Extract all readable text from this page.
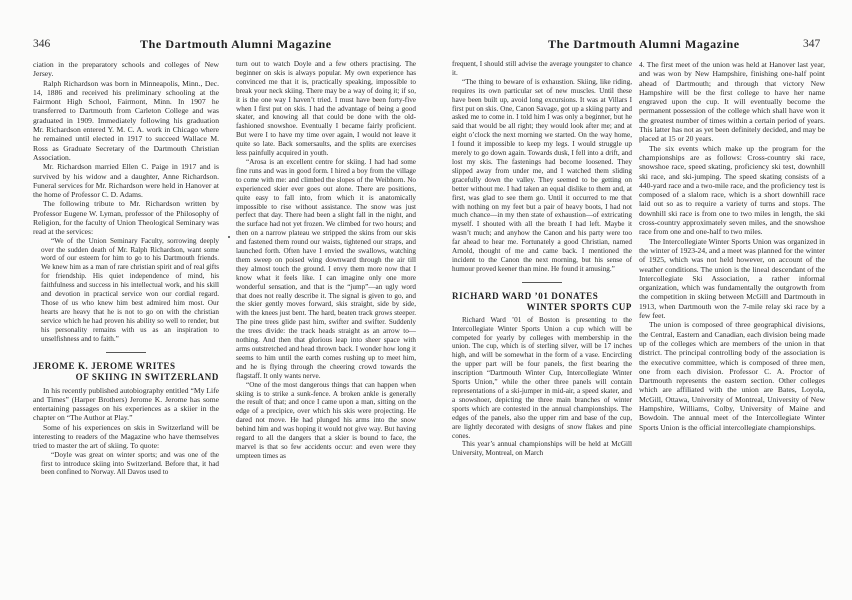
346	The Dartmouth Alumni Magazine

ciation in the preparatory schools and colleges of New Jersey.

Ralph Richardson was born in Minneapolis, Minn., Dec. 14, 1886 and received his preliminary schooling at the Fairmont High School, Fairmont, Minn. In 1907 he transferred to Dartmouth from Carleton College and was graduated in 1909. Immediately following his graduation Mr. Richardson entered Y. M. C. A. work in Chicago where he remained until elected in 1917 to succeed Wallace M. Ross as Graduate Secretary of the Dartmouth Christian Association.

Mr. Richardson married Ellen C. Paige in 1917 and is survived by his widow and a daughter, Anne Richardson. Funeral services for Mr. Richardson were held in Hanover at the home of Professor C. D. Adams.

The following tribute to Mr. Richardson written by Professor Eugene W. Lyman, professor of the Philosophy of Religion, for the faculty of Union Theological Seminary was read at the services:

“We of the Union Seminary Faculty, sorrowing deeply over the sudden death of Mr. Ralph Richardson, want some word of our esteem for him to go to his Dartmouth friends. We knew him as a man of rare christian spirit and of real gifts for friendship. His quiet independence of mind, his faithfulness and success in his intellectual work, and his skill and devotion in practical service won our cordial regard. Those of us who knew him best admired him most. Our hearts are heavy that he is not to go on with the christian service which he had proven his ability so well to render, but his personality remains with us as an inspiration to unselfishness and to faith.”

JEROME K. JEROME WRITES
OF SKIING IN SWITZERLAND

In his recently published autobiography entitled “My Life and Times” (Harper Brothers) Jerome K. Jerome has some entertaining passages on his experiences as a skiier in the chapter on “The Author at Play.”

Some of his experiences on skis in Switzerland will be interesting to readers of the Magazine who have themselves tried to master the art of skiing. To quote:

“Doyle was great on winter sports; and was one of the first to introduce skiing into Switzerland. Before that, it had been confined to Norway. All Davos used to

turn out to watch Doyle and a few others practising. The beginner on skis is always popular. My own experience has convinced me that it is, practically speaking, impossible to break your neck skiing. There may be a way of doing it; if so, it is the one way I haven’t tried. I must have been forty-five when I first put on skis. I had the advantage of being a good skater, and knowing all that could be done with the old-fashioned snowshoe. Eventually I became fairly proficient. But were I to have my time over again, I would not leave it quite so late. Back somersaults, and the splits are exercises less painfully acquired in youth.

“Arosa is an excellent centre for skiing. I had had some fine runs and was in good form. I hired a boy from the village to come with me: and climbed the slopes of the Weibhorn. No experienced skier ever goes out alone. There are positions, quite easy to fall into, from which it is anatomically impossible to rise without assistance. The snow was just perfect that day. There had been a slight fall in the night, and the surface had not yet frozen. We climbed for two hours; and then on a narrow plateau we stripped the skins from our skis and fastened them round our waists, tightened our straps, and launched forth. Often have I envied the swallows, watching them sweep on poised wing downward through the air till they almost touch the ground. I envy them more now that I know what it feels like. I can imagine only one more wonderful sensation, and that is the “jump”—an ugly word that does not really describe it. The signal is given to go, and the skier gently moves forward, skis straight, side by side, with the knees just bent. The hard, beaten track grows steeper. The pine trees glide past him, swifter and swifter. Suddenly the trees divide: the track heads straight as an arrow to—nothing. And then that glorious leap into sheer space with arms outstretched and head thrown back. I wonder how long it seems to him until the earth comes rushing up to meet him, and he is flying through the cheering crowd towards the flagstaff. It only wants nerve.

“One of the most dangerous things that can happen when skiing is to strike a sunk-fence. A broken ankle is generally the result of that; and once I came upon a man, sitting on the edge of a precipice, over which his skis were projecting. He dared not move. He had plunged his arms into the snow behind him and was hoping it would not give way. But having regard to all the dangers that a skier is bound to face, the marvel is that so few accidents occur: and even were they umpteen times as

The Dartmouth Alumni Magazine	347

frequent, I should still advise the average youngster to chance it.

“The thing to beware of is exhaustion. Skiing, like riding, requires its own particular set of new muscles. Until these have been built up, avoid long excursions. It was at Villars I first put on skis. One, Canon Savage, got up a skiing party and asked me to come in. I told him I was only a beginner, but he said that would be all right; they would look after me; and at eight o’clock the next morning we started. On the way home, I found it impossible to keep my legs. I would struggle up merely to go down again. Towards dusk, I fell into a drift, and lost my skis. The fastenings had become loosened. They slipped away from under me, and I watched them sliding gracefully down the valley. They seemed to be getting on better without me. I had taken an equal dislike to them and, at first, was glad to see them go. Until it occurred to me that with nothing on my feet but a pair of heavy boots, I had not much chance—in my then state of exhaustion—of extricating myself. I shouted with all the breath I had left. Maybe it wasn’t much; and anyhow the Canon and his party were too far ahead to hear me. Fortunately a good Christian, named Arnold, thought of me and came back. I mentioned the incident to the Canon the next morning, but his sense of humour proved keener than mine. He found it amusing.”

RICHARD WARD ’01 DONATES
WINTER SPORTS CUP

Richard Ward ’01 of Boston is presenting to the Intercollegiate Winter Sports Union a cup which will be competed for yearly by colleges with membership in the union. The cup, which is of sterling silver, will be 17 inches high, and will be somewhat in the form of a vase. Encircling the upper part will be four panels, the first bearing the inscription “Dartmouth Winter Cup, Intercollegiate Winter Sports Union,” while the other three panels will contain representations of a ski-jumper in mid-air, a speed skater, and a snowshoer, depicting the three main branches of winter sports which are contested in the annual championships. The edges of the panels, also the upper rim and base of the cup, are lightly decorated with designs of snow flakes and pine cones.

This year’s annual championships will be held at McGill University, Montreal, on March

4. The first meet of the union was held at Hanover last year, and was won by New Hampshire, finishing one-half point ahead of Dartmouth; and through that victory New Hampshire will be the first college to have her name engraved upon the cup. It will eventually become the permanent possession of the college which shall have won it the greatest number of times within a certain period of years. This latter has not as yet been definitely decided, and may be placed at 15 or 20 years.

The six events which make up the program for the championships are as follows: Cross-country ski race, snowshoe race, speed skating, proficiency ski test, downhill ski race, and ski-jumping. The speed skating consists of a 440-yard race and a two-mile race, and the proficiency test is composed of a slalom race, which is a short downhill race laid out so as to require a variety of turns and stops. The downhill ski race is from one to two miles in length, the ski cross-country approximately seven miles, and the snowshoe race from one and one-half to two miles.

The Intercollegiate Winter Sports Union was organized in the winter of 1923-24, and a meet was planned for the winter of 1925, which was not held however, on account of the weather conditions. The union is the lineal descendant of the Intercollegiate Ski Association, a rather informal organization, which was fundamentally the outgrowth from the competition in skiing between McGill and Dartmouth in 1913, when Dartmouth won the 7-mile relay ski race by a few feet.

The union is composed of three geographical divisions, the Central, Eastern and Canadian, each division being made up of the colleges which are members of the union in that district. The principal controlling body of the association is the executive committee, which is composed of three men, one from each division. Professor C. A. Proctor of Dartmouth represents the eastern section. Other colleges which are affiliated with the union are Bates, Loyola, McGill, Ottawa, University of Montreal, University of New Hampshire, Williams, Colby, University of Maine and Bowdoin. The annual meet of the Intercollegiate Winter Sports Union is the official intercollegiate championships.
